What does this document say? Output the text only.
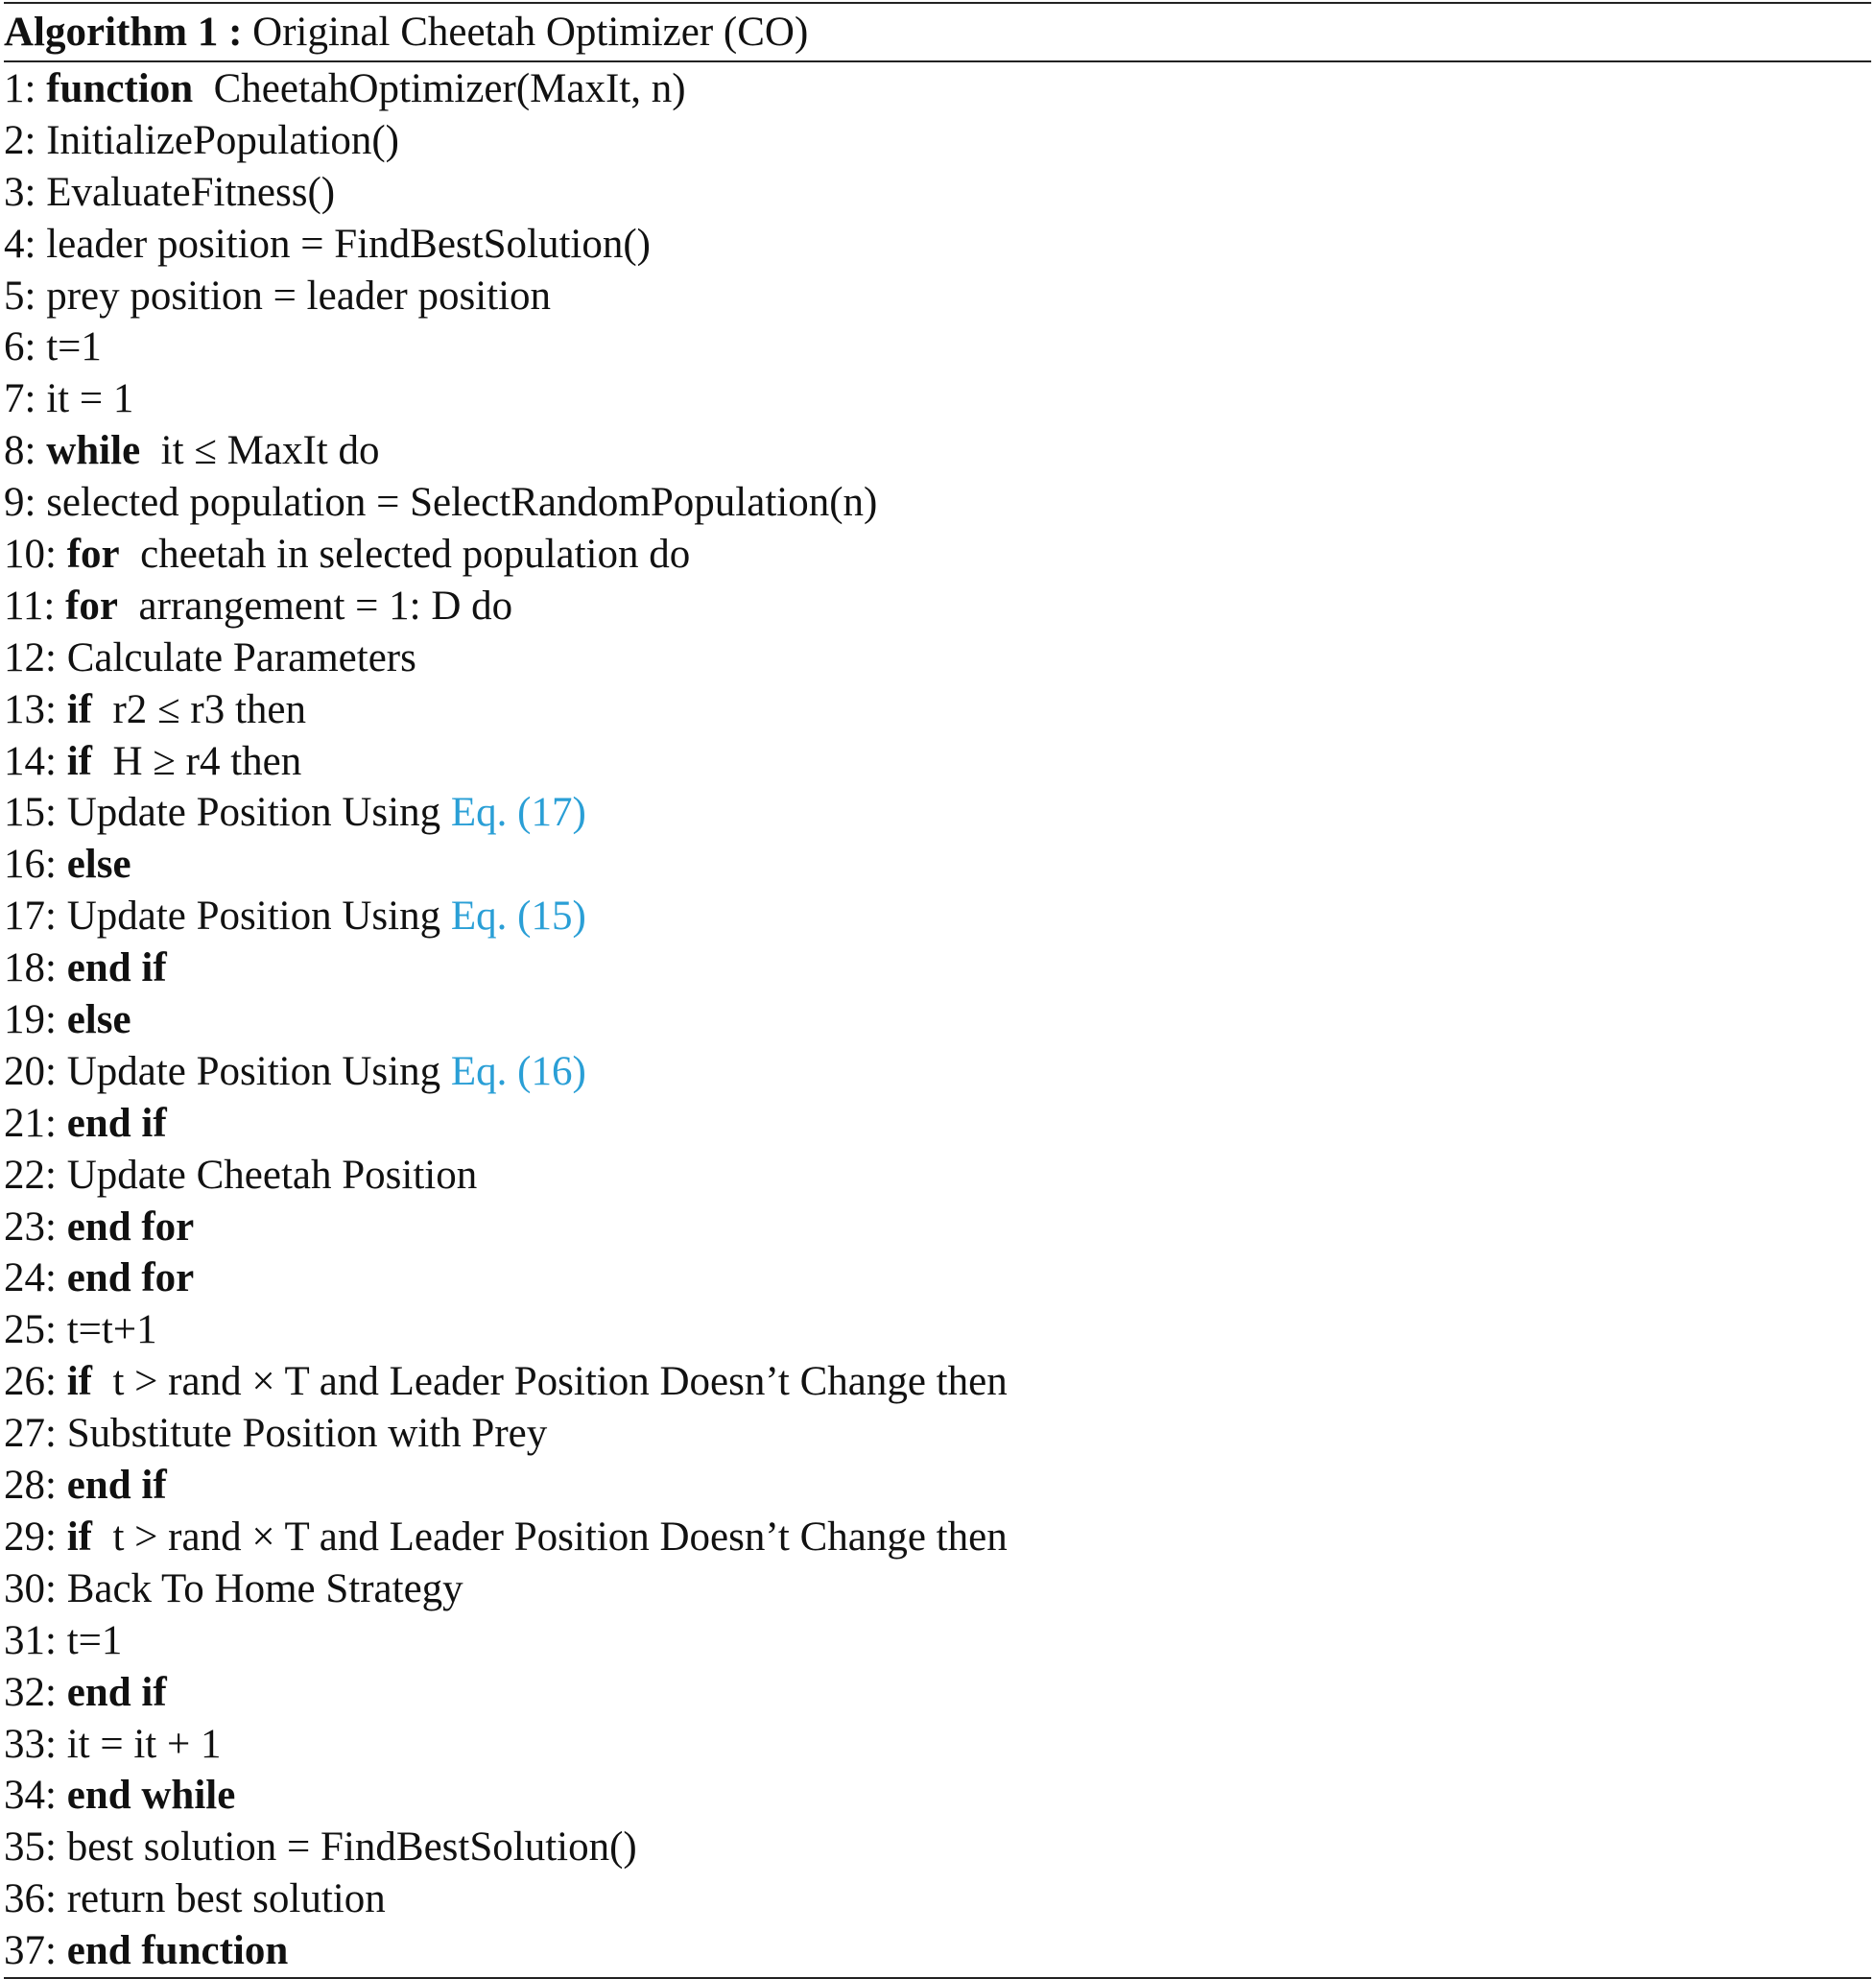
Algorithm 1 : Original Cheetah Optimizer (CO)
1: function CheetahOptimizer(MaxIt, n)
2: InitializePopulation()
3: EvaluateFitness()
4: leader position = FindBestSolution()
5: prey position = leader position
6: t=1
7: it = 1
8: while it ≤ MaxIt do
9: selected population = SelectRandomPopulation(n)
10: for cheetah in selected population do
11: for arrangement = 1: D do
12: Calculate Parameters
13: if r2 ≤ r3 then
14: if H ≥ r4 then
15: Update Position Using Eq. (17)
16: else
17: Update Position Using Eq. (15)
18: end if
19: else
20: Update Position Using Eq. (16)
21: end if
22: Update Cheetah Position
23: end for
24: end for
25: t=t+1
26: if t > rand × T and Leader Position Doesn’t Change then
27: Substitute Position with Prey
28: end if
29: if t > rand × T and Leader Position Doesn’t Change then
30: Back To Home Strategy
31: t=1
32: end if
33: it = it + 1
34: end while
35: best solution = FindBestSolution()
36: return best solution
37: end function
